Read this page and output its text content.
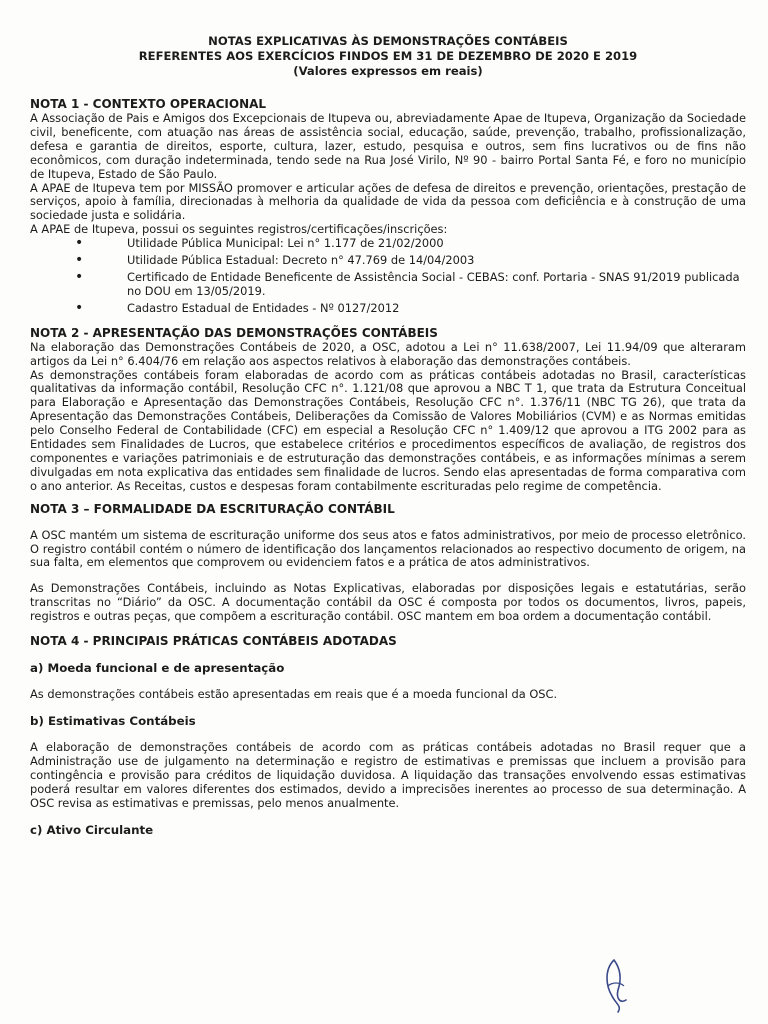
NOTAS EXPLICATIVAS ÀS DEMONSTRAÇÕES CONTÁBEIS
REFERENTES AOS EXERCÍCIOS FINDOS EM 31 DE DEZEMBRO DE 2020 E 2019
(Valores expressos em reais)
NOTA 1 - CONTEXTO OPERACIONAL

A Associação de Pais e Amigos dos Excepcionais de Itupeva ou, abreviadamente Apae de Itupeva, Organização da Sociedade civil, beneficente, com atuação nas áreas de assistência social, educação, saúde, prevenção, trabalho, profissionalização, defesa e garantia de direitos, esporte, cultura, lazer, estudo, pesquisa e outros, sem fins lucrativos ou de fins não econômicos, com duração indeterminada, tendo sede na Rua José Virilo, Nº 90 - bairro Portal Santa Fé, e foro no município de Itupeva, Estado de São Paulo.

A APAE de Itupeva tem por MISSÃO promover e articular ações de defesa de direitos e prevenção, orientações, prestação de serviços, apoio à família, direcionadas à melhoria da qualidade de vida da pessoa com deficiência e à construção de uma sociedade justa e solidária.

A APAE de Itupeva, possui os seguintes registros/certificações/inscrições:

• Utilidade Pública Municipal: Lei n° 1.177 de 21/02/2000
• Utilidade Pública Estadual: Decreto n° 47.769 de 14/04/2003
• Certificado de Entidade Beneficente de Assistência Social - CEBAS: conf. Portaria - SNAS 91/2019 publicada no DOU em 13/05/2019.
• Cadastro Estadual de Entidades - Nº 0127/2012
NOTA 2 - APRESENTAÇÃO DAS DEMONSTRAÇÕES CONTÁBEIS

Na elaboração das Demonstrações Contábeis de 2020, a OSC, adotou a Lei n° 11.638/2007, Lei 11.94/09 que alteraram artigos da Lei n° 6.404/76 em relação aos aspectos relativos à elaboração das demonstrações contábeis.

As demonstrações contábeis foram elaboradas de acordo com as práticas contábeis adotadas no Brasil, características qualitativas da informação contábil, Resolução CFC n°. 1.121/08 que aprovou a NBC T 1, que trata da Estrutura Conceitual para Elaboração e Apresentação das Demonstrações Contábeis, Resolução CFC n°. 1.376/11 (NBC TG 26), que trata da Apresentação das Demonstrações Contábeis, Deliberações da Comissão de Valores Mobiliários (CVM) e as Normas emitidas pelo Conselho Federal de Contabilidade (CFC) em especial a Resolução CFC n° 1.409/12 que aprovou a ITG 2002 para as Entidades sem Finalidades de Lucros, que estabelece critérios e procedimentos específicos de avaliação, de registros dos componentes e variações patrimoniais e de estruturação das demonstrações contábeis, e as informações mínimas a serem divulgadas em nota explicativa das entidades sem finalidade de lucros. Sendo elas apresentadas de forma comparativa com o ano anterior. As Receitas, custos e despesas foram contabilmente escrituradas pelo regime de competência.

NOTA 3 – FORMALIDADE DA ESCRITURAÇÃO CONTÁBIL

A OSC mantém um sistema de escrituração uniforme dos seus atos e fatos administrativos, por meio de processo eletrônico. O registro contábil contém o número de identificação dos lançamentos relacionados ao respectivo documento de origem, na sua falta, em elementos que comprovem ou evidenciem fatos e a prática de atos administrativos.

As Demonstrações Contábeis, incluindo as Notas Explicativas, elaboradas por disposições legais e estatutárias, serão transcritas no “Diário” da OSC. A documentação contábil da OSC é composta por todos os documentos, livros, papeis, registros e outras peças, que compõem a escrituração contábil. OSC mantem em boa ordem a documentação contábil.

NOTA 4 - PRINCIPAIS PRÁTICAS CONTÁBEIS ADOTADAS
a) Moeda funcional e de apresentação

As demonstrações contábeis estão apresentadas em reais que é a moeda funcional da OSC.

b) Estimativas Contábeis

A elaboração de demonstrações contábeis de acordo com as práticas contábeis adotadas no Brasil requer que a Administração use de julgamento na determinação e registro de estimativas e premissas que incluem a provisão para contingência e provisão para créditos de liquidação duvidosa. A liquidação das transações envolvendo essas estimativas poderá resultar em valores diferentes dos estimados, devido a imprecisões inerentes ao processo de sua determinação. A OSC revisa as estimativas e premissas, pelo menos anualmente.

c) Ativo Circulante
